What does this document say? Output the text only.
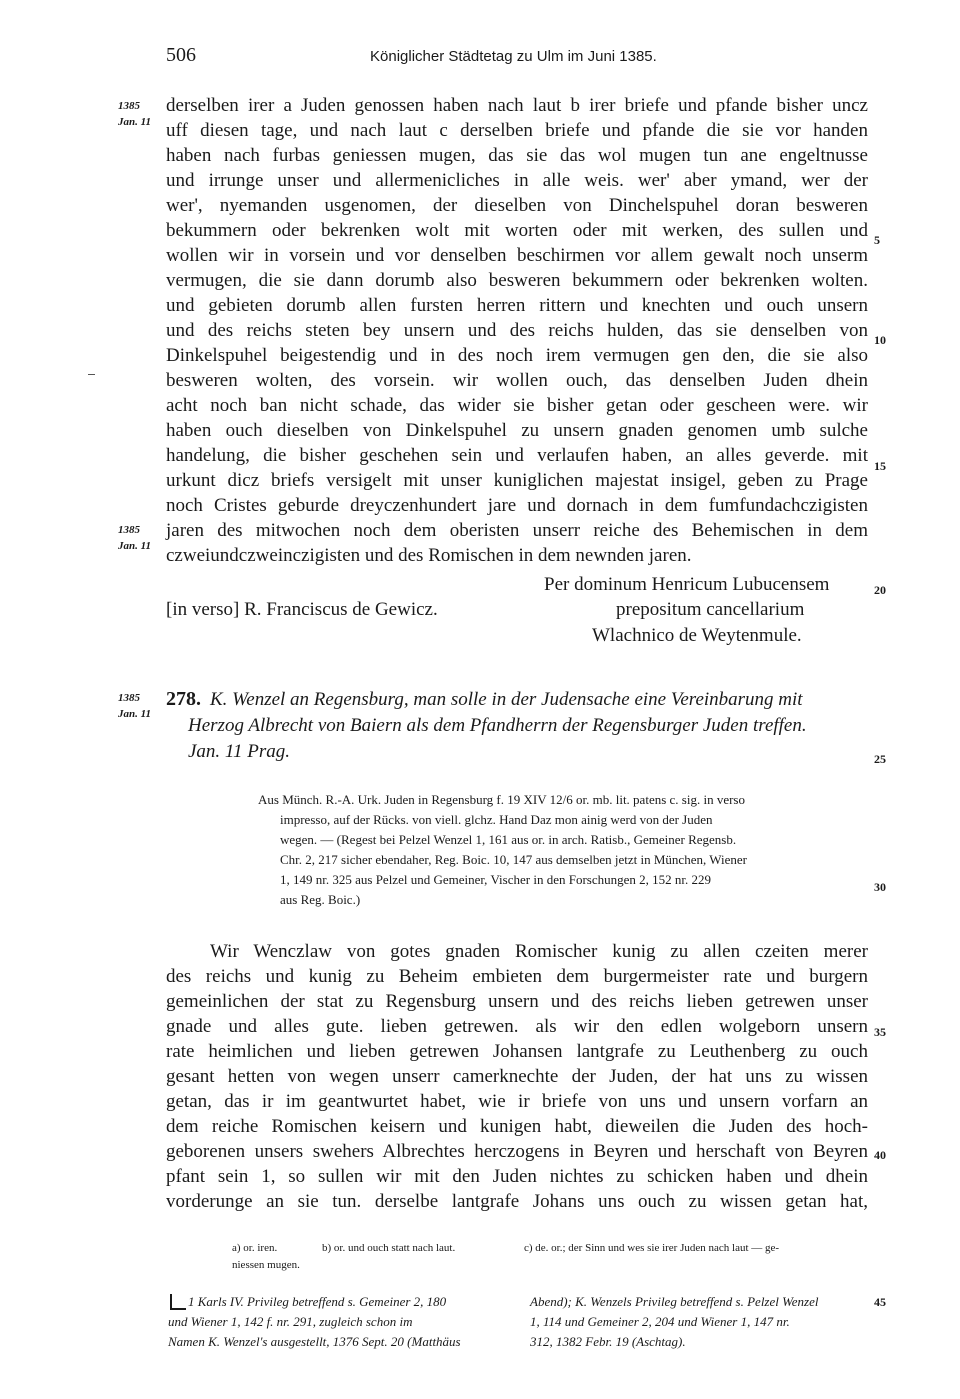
506	Königlicher Städtetag zu Ulm im Juni 1385.
1385
Jan. 11
1385
Jan. 11
1385
Jan. 11
5
10
15
20
25
30
35
40
45
derselben irer a Juden genossen haben nach laut b irer briefe und pfande bisher uncz
uff diesen tage, und nach laut c derselben briefe und pfande die sie vor handen
haben nach furbas geniessen mugen, das sie das wol mugen tun ane engeltnusse
und irrunge unser und allermenicliches in alle weis. wer' aber ymand, wer der
wer', nyemanden usgenomen, der dieselben von Dinchelspuhel doran besweren
bekummern oder bekrenken wolt mit worten oder mit werken, des sullen und
wollen wir in vorsein und vor denselben beschirmen vor allem gewalt noch unserm
vermugen, die sie dann dorumb also besweren bekummern oder bekrenken wolten.
und gebieten dorumb allen fursten herren rittern und knechten und ouch unsern
und des reichs steten bey unsern und des reichs hulden, das sie denselben von
Dinkelspuhel beigestendig und in des noch irem vermugen gen den, die sie also
besweren wolten, des vorsein. wir wollen ouch, das denselben Juden dhein
acht noch ban nicht schade, das wider sie bisher getan oder gescheen were. wir
haben ouch dieselben von Dinkelspuhel zu unsern gnaden genomen umb sulche
handelung, die bisher geschehen sein und verlaufen haben, an alles geverde. mit
urkunt dicz briefs versigelt mit unser kuniglichen majestat insigel, geben zu Prage
noch Cristes geburde dreyczenhundert jare und dornach in dem fumfundachczigisten
jaren des mitwochen noch dem oberisten unserr reiche des Behemischen in dem
czweiundczweinczigisten und des Romischen in dem newnden jaren.
Per dominum Henricum Lubucensem
[in verso] R. Franciscus de Gewicz.	prepositum cancellarium
Wlachnico de Weytenmule.
278. K. Wenzel an Regensburg, man solle in der Judensache eine Vereinbarung mit
Herzog Albrecht von Baiern als dem Pfandherrn der Regensburger Juden treffen.
Jan. 11 Prag.
Aus Münch. R.-A. Urk. Juden in Regensburg f. 19 XIV 12/6 or. mb. lit. patens c. sig. in verso
impresso, auf der Rücks. von viell. glchz. Hand Daz mon ainig werd von der Juden
wegen. — (Regest bei Pelzel Wenzel 1, 161 aus or. in arch. Ratisb., Gemeiner Regensb.
Chr. 2, 217 sicher ebendaher, Reg. Boic. 10, 147 aus demselben jetzt in München, Wiener
1, 149 nr. 325 aus Pelzel und Gemeiner, Vischer in den Forschungen 2, 152 nr. 229
aus Reg. Boic.)
Wir Wenczlaw von gotes gnaden Romischer kunig zu allen czeiten merer
des reichs und kunig zu Beheim embieten dem burgermeister rate und burgern
gemeinlichen der stat zu Regensburg unsern und des reichs lieben getrewen unser
gnade und alles gute. lieben getrewen. als wir den edlen wolgeborn unsern
rate heimlichen und lieben getrewen Johansen lantgrafe zu Leuthenberg zu ouch
gesant hetten von wegen unserr camerknechte der Juden, der hat uns zu wissen
getan, das ir im geantwurtet habet, wie ir briefe von uns und unsern vorfarn an
dem reiche Romischen keisern und kunigen habt, dieweilen die Juden des hoch-
geborenen unsers swehers Albrechtes herczogens in Beyren und herschaft von Beyren
pfant sein 1, so sullen wir mit den Juden nichtes zu schicken haben und dhein
vorderunge an sie tun. derselbe lantgrafe Johans uns ouch zu wissen getan hat,
a) or. iren.	b) or. und ouch statt nach laut.	c) de. or.; der Sinn und wes sie irer Juden nach laut — ge-
niessen mugen.
1 Karls IV. Privileg betreffend s. Gemeiner 2, 180
und Wiener 1, 142 f. nr. 291, zugleich schon im
Namen K. Wenzel's ausgestellt, 1376 Sept. 20 (Matthäus
Abend); K. Wenzels Privileg betreffend s. Pelzel Wenzel
1, 114 und Gemeiner 2, 204 und Wiener 1, 147 nr.
312, 1382 Febr. 19 (Aschtag).
